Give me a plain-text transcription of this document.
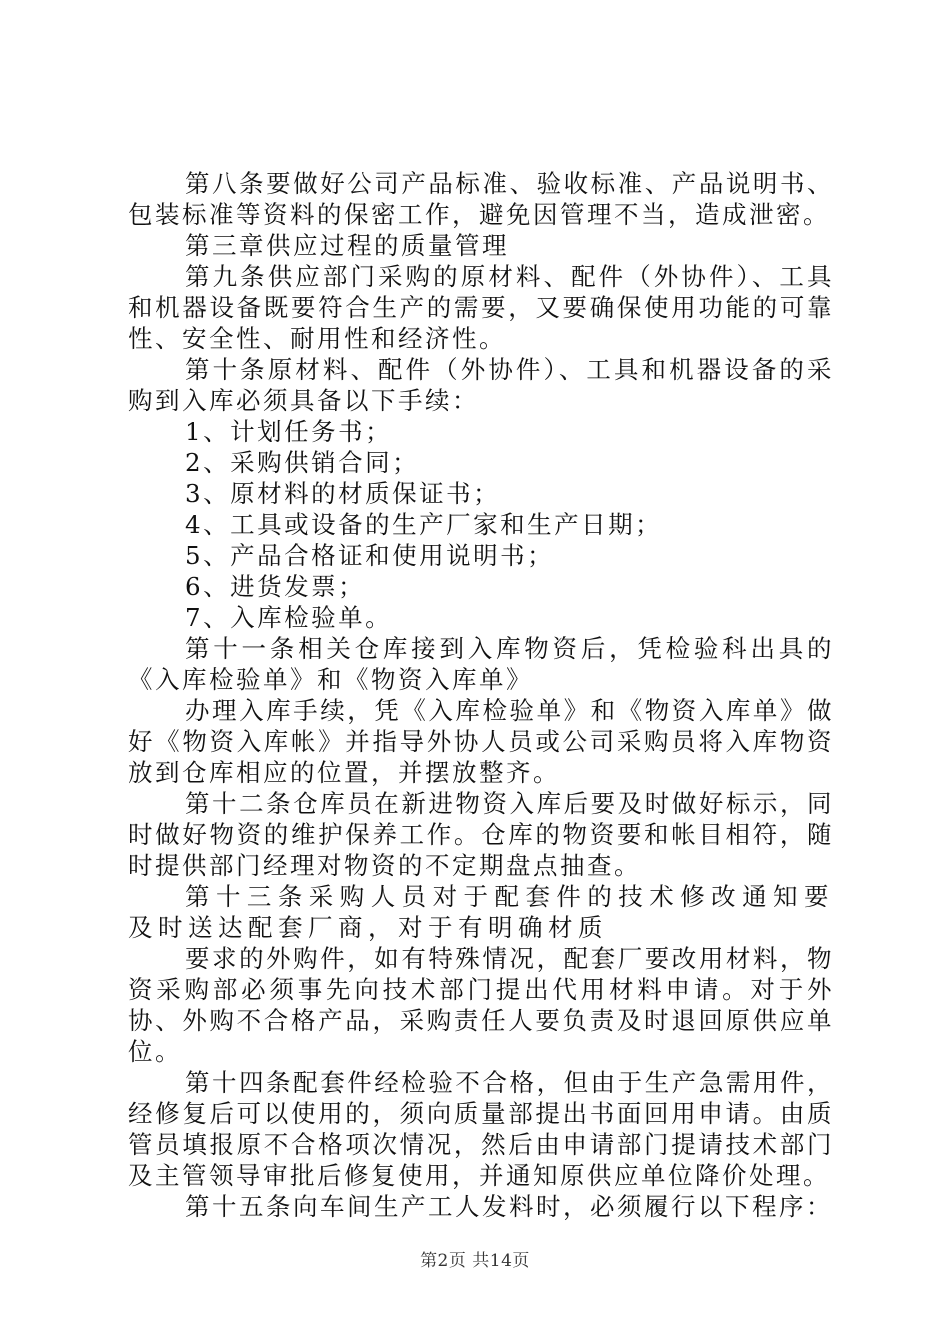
第八条要做好公司产品标准、验收标准、产品说明书、包装标准等资料的保密工作，避免因管理不当，造成泄密。

第三章供应过程的质量管理

第九条供应部门采购的原材料、配件（外协件）、工具和机器设备既要符合生产的需要，又要确保使用功能的可靠性、安全性、耐用性和经济性。

第十条原材料、配件（外协件）、工具和机器设备的采购到入库必须具备以下手续：

1、计划任务书；

2、采购供销合同；

3、原材料的材质保证书；

4、工具或设备的生产厂家和生产日期；

5、产品合格证和使用说明书；

6、进货发票；

7、入库检验单。

第十一条相关仓库接到入库物资后，凭检验科出具的《入库检验单》和《物资入库单》

办理入库手续，凭《入库检验单》和《物资入库单》做好《物资入库帐》并指导外协人员或公司采购员将入库物资放到仓库相应的位置，并摆放整齐。

第十二条仓库员在新进物资入库后要及时做好标示，同时做好物资的维护保养工作。仓库的物资要和帐目相符，随时提供部门经理对物资的不定期盘点抽查。

第十三条采购人员对于配套件的技术修改通知要及时送达配套厂商，对于有明确材质

要求的外购件，如有特殊情况，配套厂要改用材料，物资采购部必须事先向技术部门提出代用材料申请。对于外协、外购不合格产品，采购责任人要负责及时退回原供应单位。

第十四条配套件经检验不合格，但由于生产急需用件，经修复后可以使用的，须向质量部提出书面回用申请。由质管员填报原不合格项次情况，然后由申请部门提请技术部门及主管领导审批后修复使用，并通知原供应单位降价处理。

第十五条向车间生产工人发料时，必须履行以下程序：

第2页 共14页
